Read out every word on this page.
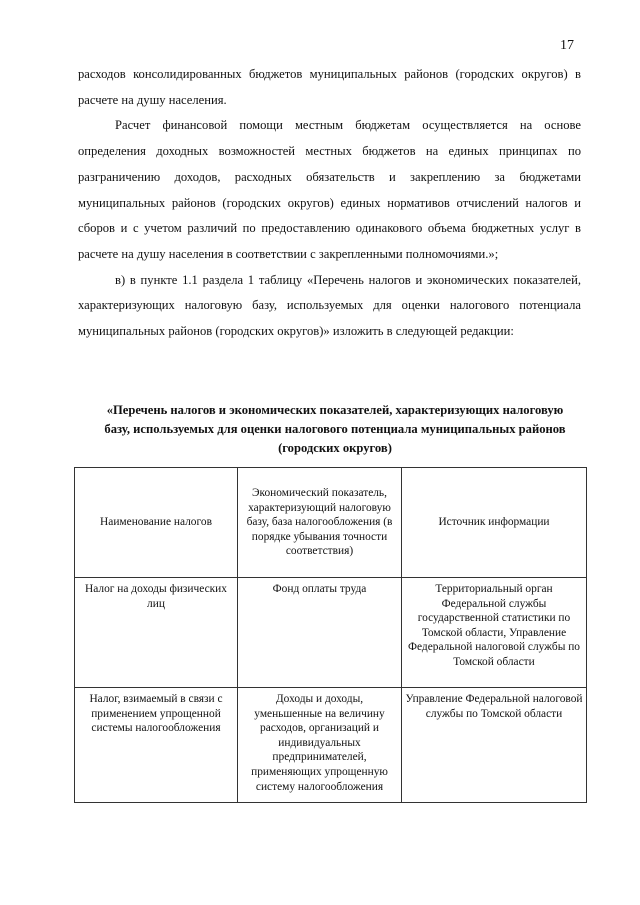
17

расходов консолидированных бюджетов муниципальных районов (городских округов) в расчете на душу населения.

Расчет финансовой помощи местным бюджетам осуществляется на основе определения доходных возможностей местных бюджетов на единых принципах по разграничению доходов, расходных обязательств и закреплению за бюджетами муниципальных районов (городских округов) единых нормативов отчислений налогов и сборов и с учетом различий по предоставлению одинакового объема бюджетных услуг в расчете на душу населения в соответствии с закрепленными полномочиями.»;

в) в пункте 1.1 раздела 1 таблицу «Перечень налогов и экономических показателей, характеризующих налоговую базу, используемых для оценки налогового потенциала муниципальных районов (городских округов)» изложить в следующей редакции:

«Перечень налогов и экономических показателей, характеризующих налоговую базу, используемых для оценки налогового потенциала муниципальных районов (городских округов)
Наименование налогов	Экономический показатель, характеризующий налоговую базу, база налогообложения (в порядке убывания точности соответствия)	Источник информации
Налог на доходы физических лиц	Фонд оплаты труда	Территориальный орган Федеральной службы государственной статистики по Томской области, Управление Федеральной налоговой службы по Томской области
Налог, взимаемый в связи с применением упрощенной системы налогообложения	Доходы и доходы, уменьшенные на величину расходов, организаций и индивидуальных предпринимателей, применяющих упрощенную систему налогообложения	Управление Федеральной налоговой службы по Томской области
